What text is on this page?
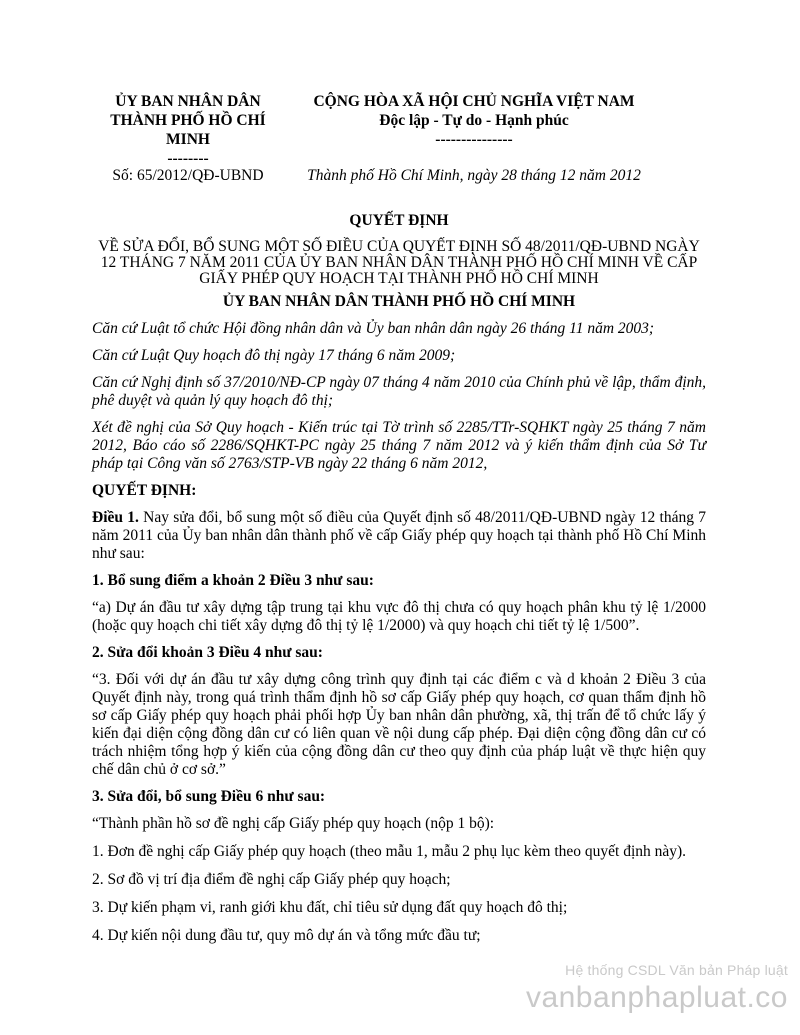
ỦY BAN NHÂN DÂN
THÀNH PHỐ HỒ CHÍ
MINH
--------
Số: 65/2012/QĐ-UBND
CỘNG HÒA XÃ HỘI CHỦ NGHĨA VIỆT NAM
Độc lập - Tự do - Hạnh phúc
---------------
Thành phố Hồ Chí Minh, ngày 28 tháng 12 năm 2012
QUYẾT ĐỊNH
VỀ SỬA ĐỔI, BỔ SUNG MỘT SỐ ĐIỀU CỦA QUYẾT ĐỊNH SỐ 48/2011/QĐ-UBND NGÀY 12 THÁNG 7 NĂM 2011 CỦA ỦY BAN NHÂN DÂN THÀNH PHỐ HỒ CHÍ MINH VỀ CẤP GIẤY PHÉP QUY HOẠCH TẠI THÀNH PHỐ HỒ CHÍ MINH
ỦY BAN NHÂN DÂN THÀNH PHỐ HỒ CHÍ MINH

Căn cứ Luật tổ chức Hội đồng nhân dân và Ủy ban nhân dân ngày 26 tháng 11 năm 2003;

Căn cứ Luật Quy hoạch đô thị ngày 17 tháng 6 năm 2009;

Căn cứ Nghị định số 37/2010/NĐ-CP ngày 07 tháng 4 năm 2010 của Chính phủ về lập, thẩm định, phê duyệt và quản lý quy hoạch đô thị;

Xét đề nghị của Sở Quy hoạch - Kiến trúc tại Tờ trình số 2285/TTr-SQHKT ngày 25 tháng 7 năm 2012, Báo cáo số 2286/SQHKT-PC ngày 25 tháng 7 năm 2012 và ý kiến thẩm định của Sở Tư pháp tại Công văn số 2763/STP-VB ngày 22 tháng 6 năm 2012,

QUYẾT ĐỊNH:

Điều 1. Nay sửa đổi, bổ sung một số điều của Quyết định số 48/2011/QĐ-UBND ngày 12 tháng 7 năm 2011 của Ủy ban nhân dân thành phố về cấp Giấy phép quy hoạch tại thành phố Hồ Chí Minh như sau:

1. Bổ sung điểm a khoản 2 Điều 3 như sau:

“a) Dự án đầu tư xây dựng tập trung tại khu vực đô thị chưa có quy hoạch phân khu tỷ lệ 1/2000 (hoặc quy hoạch chi tiết xây dựng đô thị tỷ lệ 1/2000) và quy hoạch chi tiết tỷ lệ 1/500”.

2. Sửa đổi khoản 3 Điều 4 như sau:

“3. Đối với dự án đầu tư xây dựng công trình quy định tại các điểm c và d khoản 2 Điều 3 của Quyết định này, trong quá trình thẩm định hồ sơ cấp Giấy phép quy hoạch, cơ quan thẩm định hồ sơ cấp Giấy phép quy hoạch phải phối hợp Ủy ban nhân dân phường, xã, thị trấn để tổ chức lấy ý kiến đại diện cộng đồng dân cư có liên quan về nội dung cấp phép. Đại diện cộng đồng dân cư có trách nhiệm tổng hợp ý kiến của cộng đồng dân cư theo quy định của pháp luật về thực hiện quy chế dân chủ ở cơ sở.”

3. Sửa đổi, bổ sung Điều 6 như sau:

“Thành phần hồ sơ đề nghị cấp Giấy phép quy hoạch (nộp 1 bộ):

1. Đơn đề nghị cấp Giấy phép quy hoạch (theo mẫu 1, mẫu 2 phụ lục kèm theo quyết định này).

2. Sơ đồ vị trí địa điểm đề nghị cấp Giấy phép quy hoạch;

3. Dự kiến phạm vi, ranh giới khu đất, chỉ tiêu sử dụng đất quy hoạch đô thị;

4. Dự kiến nội dung đầu tư, quy mô dự án và tổng mức đầu tư;

Hệ thống CSDL Văn bản Pháp luật
vanbanphapluat.co
